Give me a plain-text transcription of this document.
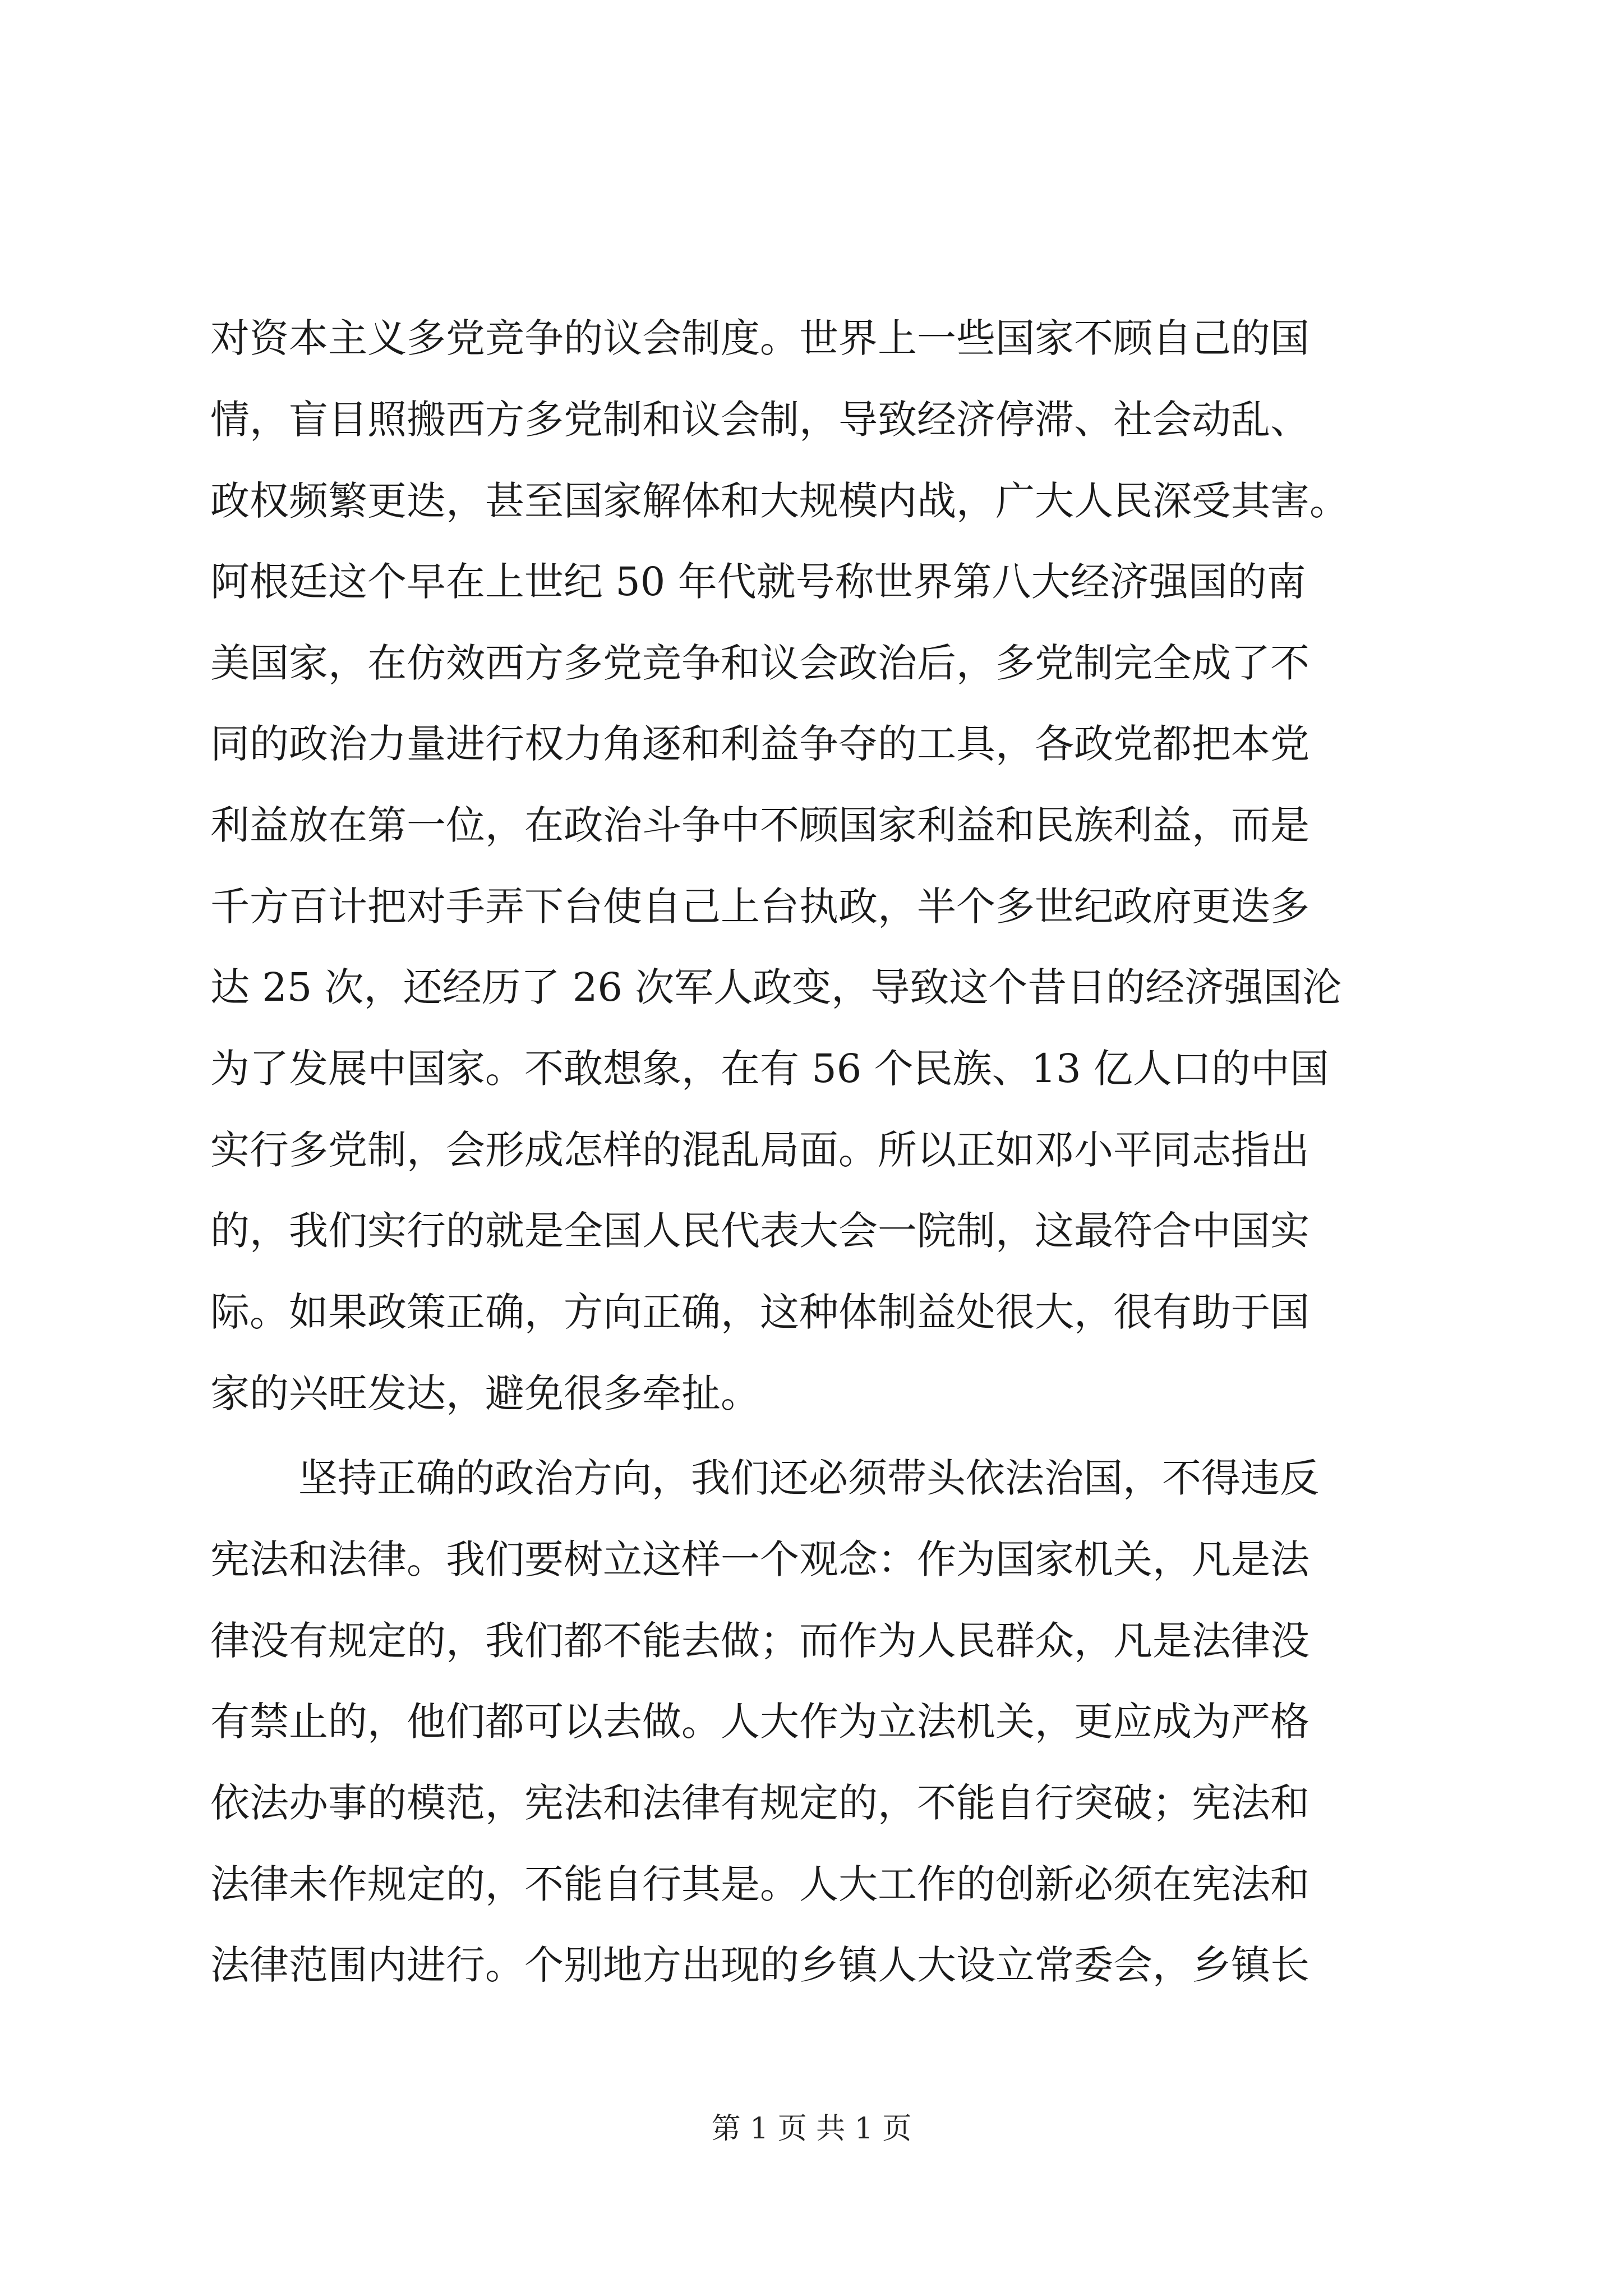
对资本主义多党竞争的议会制度。世界上一些国家不顾自己的国
情，盲目照搬西方多党制和议会制，导致经济停滞、社会动乱、
政权频繁更迭，甚至国家解体和大规模内战，广大人民深受其害。
阿根廷这个早在上世纪 50 年代就号称世界第八大经济强国的南
美国家，在仿效西方多党竞争和议会政治后，多党制完全成了不
同的政治力量进行权力角逐和利益争夺的工具，各政党都把本党
利益放在第一位，在政治斗争中不顾国家利益和民族利益，而是
千方百计把对手弄下台使自己上台执政，半个多世纪政府更迭多
达 25 次，还经历了 26 次军人政变，导致这个昔日的经济强国沦
为了发展中国家。不敢想象，在有 56 个民族、13 亿人口的中国
实行多党制，会形成怎样的混乱局面。所以正如邓小平同志指出
的，我们实行的就是全国人民代表大会一院制，这最符合中国实
际。如果政策正确，方向正确，这种体制益处很大，很有助于国
家的兴旺发达，避免很多牵扯。
坚持正确的政治方向，我们还必须带头依法治国，不得违反
宪法和法律。我们要树立这样一个观念：作为国家机关，凡是法
律没有规定的，我们都不能去做；而作为人民群众，凡是法律没
有禁止的，他们都可以去做。人大作为立法机关，更应成为严格
依法办事的模范，宪法和法律有规定的，不能自行突破；宪法和
法律未作规定的，不能自行其是。人大工作的创新必须在宪法和
法律范围内进行。个别地方出现的乡镇人大设立常委会，乡镇长
第 1 页 共 1 页
